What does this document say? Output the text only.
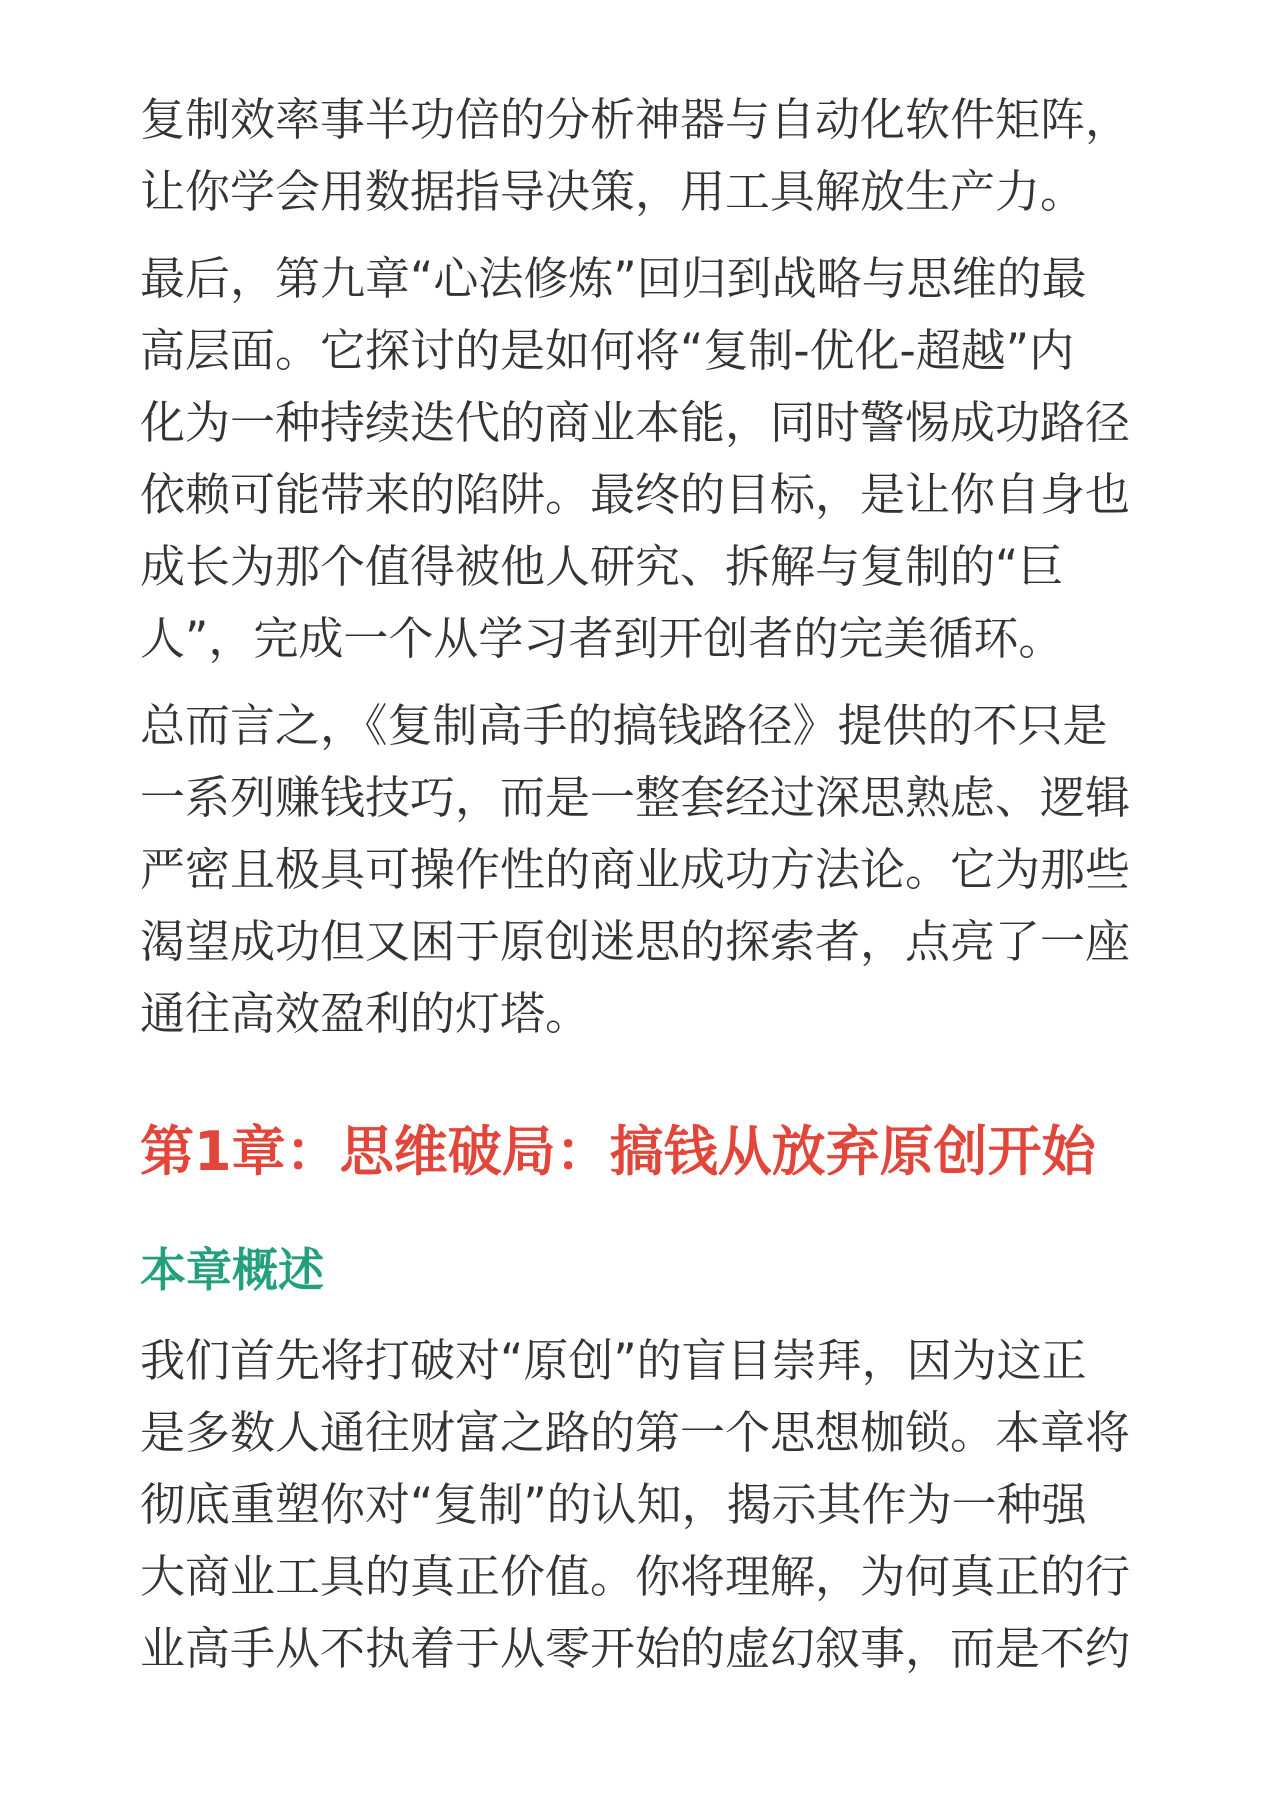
复制效率事半功倍的分析神器与自动化软件矩阵，
让你学会用数据指导决策，用工具解放生产力。
最后，第九章“心法修炼”回归到战略与思维的最
高层面。它探讨的是如何将“复制-优化-超越”内
化为一种持续迭代的商业本能，同时警惕成功路径
依赖可能带来的陷阱。最终的目标，是让你自身也
成长为那个值得被他人研究、拆解与复制的“巨
人”，完成一个从学习者到开创者的完美循环。
总而言之，《复制高手的搞钱路径》提供的不只是
一系列赚钱技巧，而是一整套经过深思熟虑、逻辑
严密且极具可操作性的商业成功方法论。它为那些
渴望成功但又困于原创迷思的探索者，点亮了一座
通往高效盈利的灯塔。
第1章：思维破局：搞钱从放弃原创开始
本章概述
我们首先将打破对“原创”的盲目崇拜，因为这正
是多数人通往财富之路的第一个思想枷锁。本章将
彻底重塑你对“复制”的认知，揭示其作为一种强
大商业工具的真正价值。你将理解，为何真正的行
业高手从不执着于从零开始的虚幻叙事，而是不约
